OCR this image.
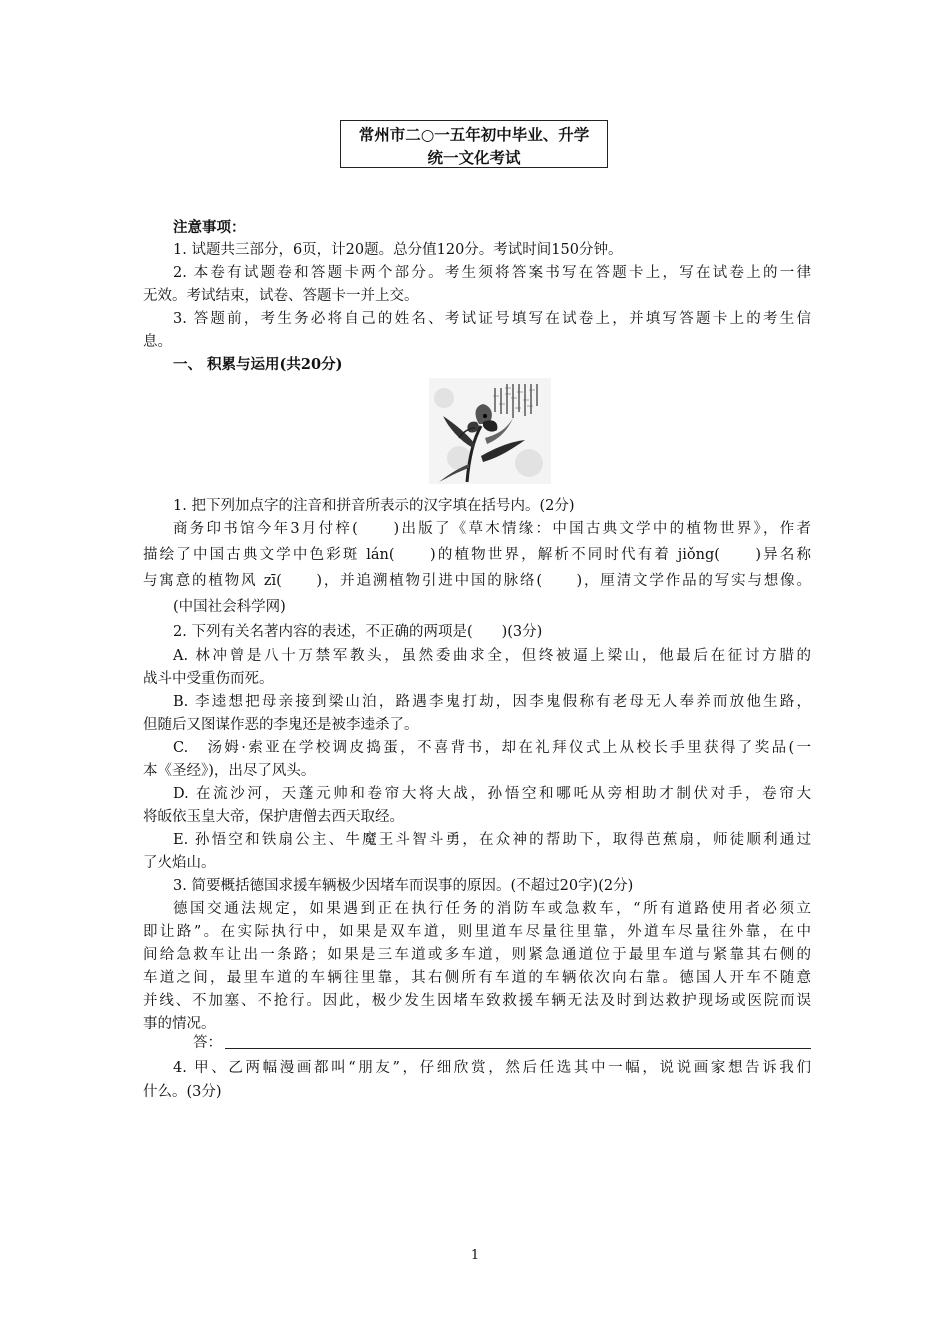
常州市二○一五年初中毕业、升学
统一文化考试
注意事项：
1. 试题共三部分，6页，计20题。总分值120分。考试时间150分钟。
2. 本卷有试题卷和答题卡两个部分。考生须将答案书写在答题卡上，写在试卷上的一律
无效。考试结束，试卷、答题卡一并上交。
3. 答题前，考生务必将自己的姓名、考试证号填写在试卷上，并填写答题卡上的考生信
息。
一、 积累与运用(共20分)
1. 把下列加点字的注音和拼音所表示的汉字填在括号内。(2分)
商务印书馆今年3月付梓(　　)出版了《草木情缘：中国古典文学中的植物世界》，作者
描绘了中国古典文学中色彩斑 lán(　　)的植物世界，解析不同时代有着 jiǒng(　　)异名称
与寓意的植物风 zī(　　)，并追溯植物引进中国的脉络(　　)，厘清文学作品的写实与想像。
(中国社会科学网)
2. 下列有关名著内容的表述，不正确的两项是(　　)(3分)
A. 林冲曾是八十万禁军教头，虽然委曲求全，但终被逼上梁山，他最后在征讨方腊的
战斗中受重伤而死。
B. 李逵想把母亲接到梁山泊，路遇李鬼打劫，因李鬼假称有老母无人奉养而放他生路，
但随后又图谋作恶的李鬼还是被李逵杀了。
C.　汤姆·索亚在学校调皮捣蛋，不喜背书，却在礼拜仪式上从校长手里获得了奖品(一
本《圣经》)，出尽了风头。
D. 在流沙河，天蓬元帅和卷帘大将大战，孙悟空和哪吒从旁相助才制伏对手，卷帘大
将皈依玉皇大帝，保护唐僧去西天取经。
E. 孙悟空和铁扇公主、牛魔王斗智斗勇，在众神的帮助下，取得芭蕉扇，师徒顺利通过
了火焰山。
3. 简要概括德国求援车辆极少因堵车而误事的原因。(不超过20字)(2分)
德国交通法规定，如果遇到正在执行任务的消防车或急救车，“所有道路使用者必须立
即让路”。在实际执行中，如果是双车道，则里道车尽量往里靠，外道车尽量往外靠，在中
间给急救车让出一条路；如果是三车道或多车道，则紧急通道位于最里车道与紧靠其右侧的
车道之间，最里车道的车辆往里靠，其右侧所有车道的车辆依次向右靠。德国人开车不随意
并线、不加塞、不抢行。因此，极少发生因堵车致救援车辆无法及时到达救护现场或医院而误
事的情况。
答：
4. 甲、乙两幅漫画都叫“朋友”，仔细欣赏，然后任选其中一幅，说说画家想告诉我们
什么。(3分)
1
